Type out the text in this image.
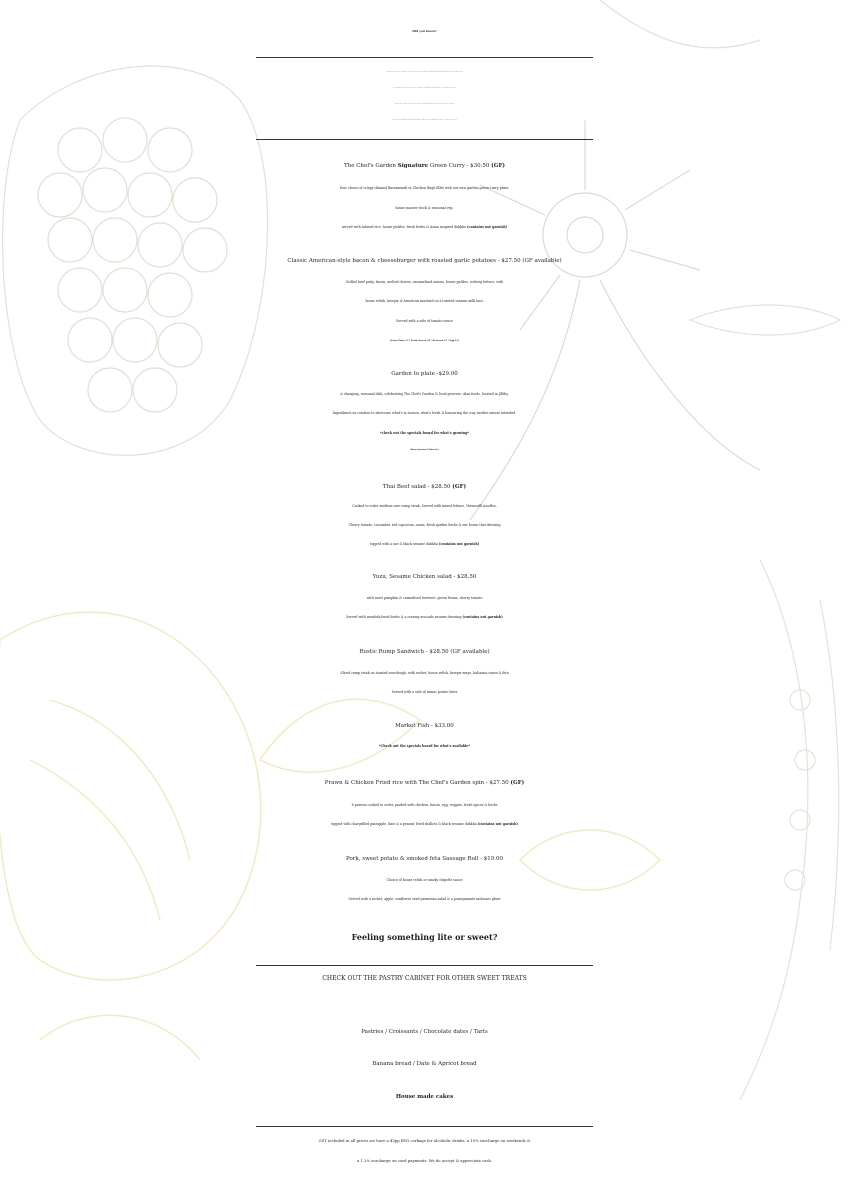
Did you know?
We grow all of our edible flowers & a selection of herbs in our organic permaculture garden just across the road from the cafe.
We dehydrate our flowers, herbs, fruit & vegetable garnishes to add that little bit of home to every dish;
infusing oils, blending freshly milled herbs & extracting flavours from our very own Chef's Garden.
We take pride in making our meals from scratch, with love, care & attention to detail. We hope you enjoy xxx
The Chef's Garden Signature Green Curry - $30.50 (GF)
Your choice of crispy skinned Barramundi or Chicken thigh fillet with our own garden green curry paste,
house master stock & seasonal veg.
served with infused rice, house pickles, fresh herbs & Asian inspired dukkha (contains nut garnish)
Classic American-style bacon & cheeseburger with roasted garlic potatoes - $27.50 (GF available)
Grilled beef patty, bacon, melted cheese, caramelised onions, house pickles, iceberg lettuce, with
house relish, kewpie & American mustard on a toasted sesame milk bun.
Served with a side of tomato sauce
(Extra Patty $5 / Extra cheese $2 / Beetroot $3 / Egg $3)
Garden to plate -$29.00
A changing, seasonal dish, celebrating The Chef's Garden & local growers: Alan foods, located in Jilliby.
Ingredients on rotation to showcase what's in season, what's fresh & honouring the way mother nature intended.
*check out the specials board for what's growing*
(Always Vegetarian & Gluten free)
Thai Beef salad - $28.50 (GF)
Cooked to order medium rare rump steak, Served with mixed lettuce, Vermicelli noodles,
Cherry tomato, cucumber, red capsicum, onion, fresh garden herbs & our house thai dressing
topped with a nut & black sesame dukkha (contains nut garnish)
Yuzu, Sesame Chicken salad - $28.50
with roast pumpkin & carmalised beetroot, green beans, cherry tomato
Served with wombok,fresh herbs & a creamy avocado sesame dressing (contains nut garnish)
Rustic Rump Sandwich - $28.50 (GF available)
Sliced rump steak on toasted sourdough, with rocket, house relish, kewpie mayo, balsamic onion & feta
Served with a side of sumac potato bites
Market Fish - $33.00
*Check out the specials board for what's available*
Prawn & Chicken Fried rice with The Chef's Garden spin - $27.50 (GF)
6 prawns cooked to order, packed with chicken, bacon, egg, veggies, fresh spices & herbs
topped with chargrilled pineapple, lime & a peanut, fried shallots & black sesame dukkha (contains nut garnish)
Pork, sweet potato & smoked feta Sausage Roll - $19.00
Choice of house relish or smoky chipotle sauce
Served with a rocket, apple, sunflower seed parmesan salad & a pomegranate molasses glaze
Feeling something lite or sweet?
CHECK OUT THE PASTRY CABINET FOR OTHER SWEET TREATS
Pastries / Croissants / Chocolate dates / Tarts
Banana bread / Date & Apricot bread
House made cakes
GST included in all prices,we have a $3pp BYO corkage for alcoholic drinks, a 10% surcharge on weekends &
a 1.2% surcharge on card payments. We do accept & appreciate cash.
